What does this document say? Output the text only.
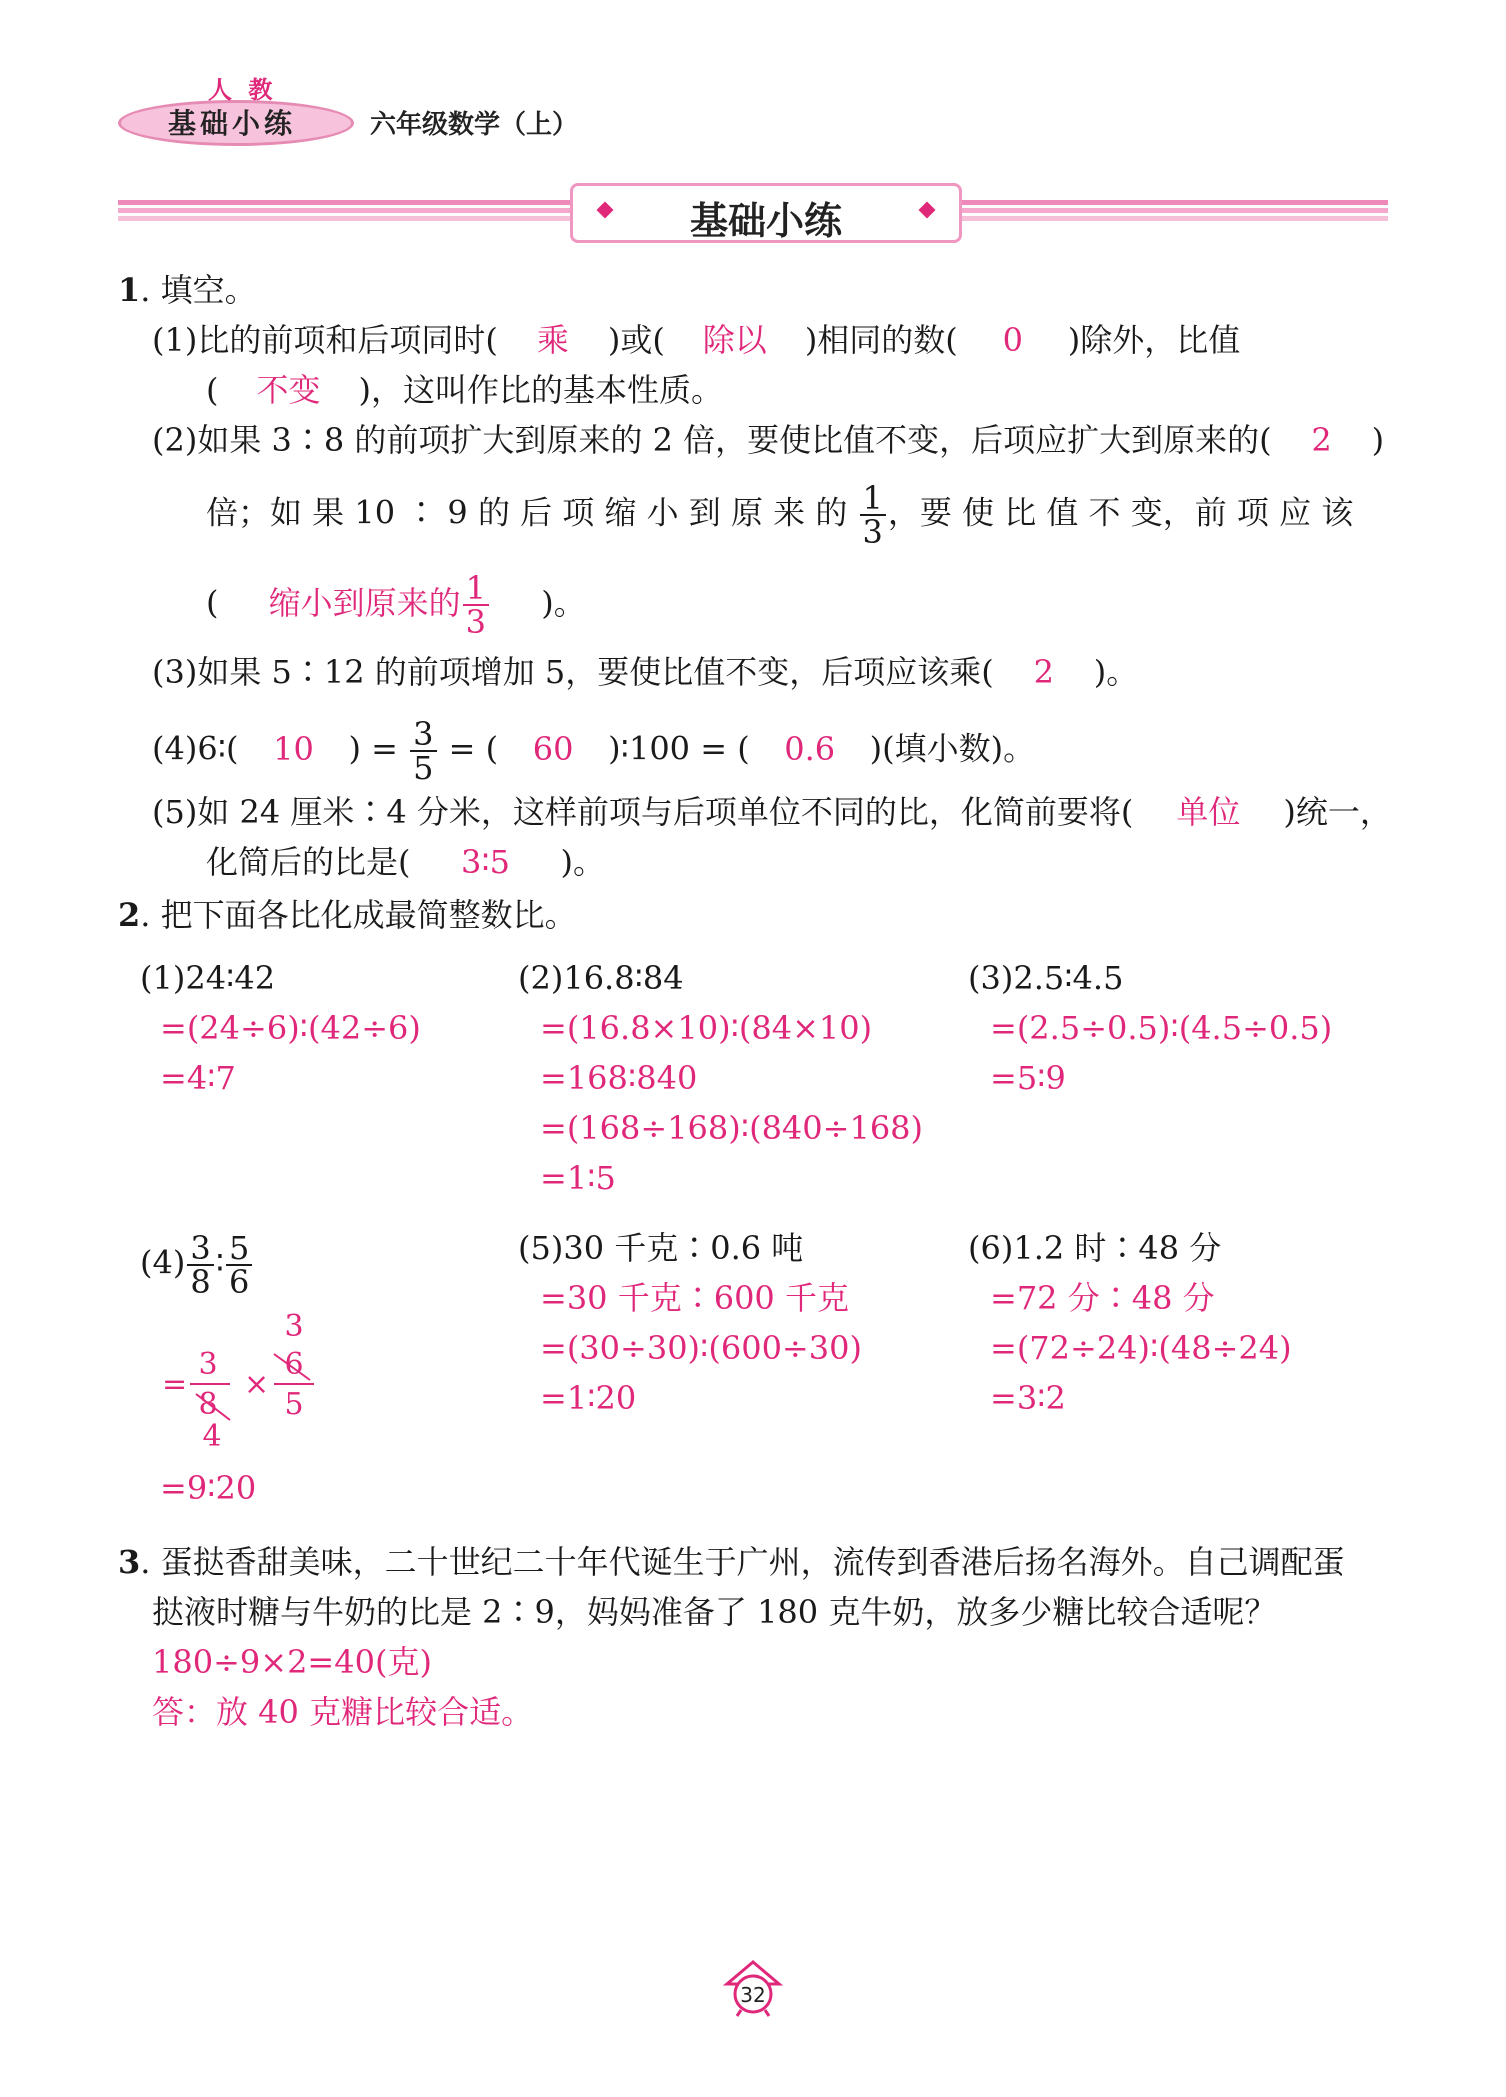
人 教
基础小练	六年级数学（上）
基础小练
1. 填空。
(1)比的前项和后项同时( 乘 )或( 除以 )相同的数( 0 )除外，比值
( 不变 )，这叫作比的基本性质。
(2)如果 3∶8 的前项扩大到原来的 2 倍，要使比值不变，后项应扩大到原来的( 2 )
倍；如 果 10 ∶ 9 的 后 项 缩 小 到 原 来 的 $\frac{1}{3}$ ，要 使 比 值 不 变，前 项 应 该
( 缩小到原来的 $\frac{1}{3}$ )。
(3)如果 5∶12 的前项增加 5，要使比值不变，后项应该乘( 2 )。
(4)6∶( 10 ) = $\frac{3}{5}$ = ( 60 )∶100 = ( 0.6 )(填小数)。
(5)如 24 厘米∶4 分米，这样前项与后项单位不同的比，化简前要将( 单位 )统一，
化简后的比是( 3∶5 )。
2. 把下面各比化成最简整数比。
(1)24∶42
=(24÷6)∶(42÷6)
=4∶7
(2)16.8∶84
=(16.8×10)∶(84×10)
=168∶840
=(168÷168)∶(840÷168)
=1∶5
(3)2.5∶4.5
=(2.5÷0.5)∶(4.5÷0.5)
=5∶9
$(4) \frac{3}{8}$ ∶ $\frac{5}{6}$
=
3
8
4
×
3
6
5
=9∶20
(5)30 千克∶0.6 吨
=30 千克∶600 千克
=(30÷30)∶(600÷30)
=1∶20
(6)1.2 时∶48 分
=72 分∶48 分
=(72÷24)∶(48÷24)
=3∶2
3. 蛋挞香甜美味，二十世纪二十年代诞生于广州，流传到香港后扬名海外。自己调配蛋
挞液时糖与牛奶的比是 2∶9，妈妈准备了 180 克牛奶，放多少糖比较合适呢？
180÷9×2=40(克)
答：放 40 克糖比较合适。
32
